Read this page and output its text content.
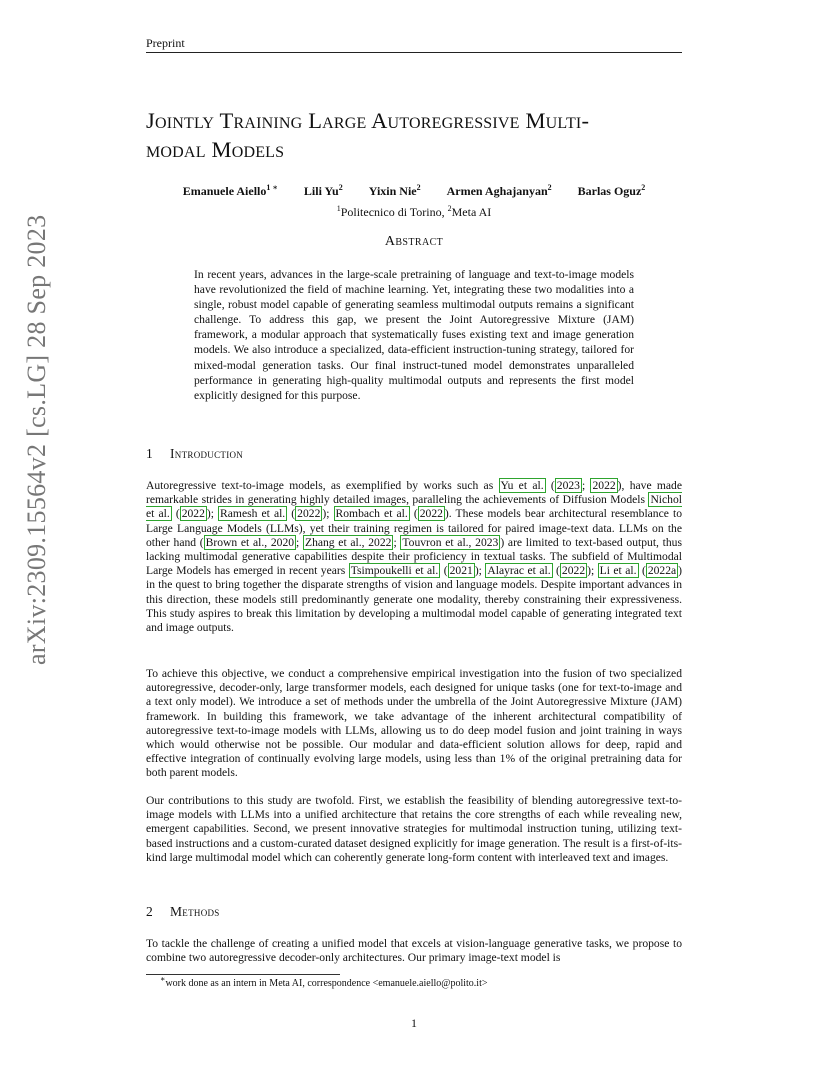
Preprint
arXiv:2309.15564v2 [cs.LG] 28 Sep 2023
Jointly Training Large Autoregressive Multi-
modal Models
Emanuele Aiello$^{1 ∗}$ Lili Yu$^2$ Yixin Nie$^2$ Armen Aghajanyan$^2$ Barlas Oguz$^2$
$^1$Politecnico di Torino, $^2$Meta AI
Abstract

In recent years, advances in the large-scale pretraining of language and text-to-image models have revolutionized the field of machine learning. Yet, integrating these two modalities into a single, robust model capable of generating seamless multimodal outputs remains a significant challenge. To address this gap, we present the Joint Autoregressive Mixture (JAM) framework, a modular approach that systematically fuses existing text and image generation models. We also introduce a specialized, data-efficient instruction-tuning strategy, tailored for mixed-modal generation tasks. Our final instruct-tuned model demonstrates unparalleled performance in generating high-quality multimodal outputs and represents the first model explicitly designed for this purpose.

1 Introduction

Autoregressive text-to-image models, as exemplified by works such as Yu et al. ( 2023 ; 2022 ), have made remarkable strides in generating highly detailed images, paralleling the achievements of Diffusion Models Nichol et al. ( 2022 ); Ramesh et al. ( 2022 ); Rombach et al. ( 2022 ). These models bear architectural resemblance to Large Language Models (LLMs), yet their training regimen is tailored for paired image-text data. LLMs on the other hand ( Brown et al., 2020 ; Zhang et al., 2022 ; Touvron et al., 2023 ) are limited to text-based output, thus lacking multimodal generative capabilities despite their proficiency in textual tasks. The subfield of Multimodal Large Models has emerged in recent years Tsimpoukelli et al. ( 2021 ); Alayrac et al. ( 2022 ); Li et al. ( 2022a ) in the quest to bring together the disparate strengths of vision and language models. Despite important advances in this direction, these models still predominantly generate one modality, thereby constraining their expressiveness. This study aspires to break this limitation by developing a multimodal model capable of generating integrated text and image outputs.

To achieve this objective, we conduct a comprehensive empirical investigation into the fusion of two specialized autoregressive, decoder-only, large transformer models, each designed for unique tasks (one for text-to-image and a text only model). We introduce a set of methods under the umbrella of the Joint Autoregressive Mixture (JAM) framework. In building this framework, we take advantage of the inherent architectural compatibility of autoregressive text-to-image models with LLMs, allowing us to do deep model fusion and joint training in ways which would otherwise not be possible. Our modular and data-efficient solution allows for deep, rapid and effective integration of continually evolving large models, using less than 1% of the original pretraining data for both parent models.

Our contributions to this study are twofold. First, we establish the feasibility of blending autoregressive text-to-image models with LLMs into a unified architecture that retains the core strengths of each while revealing new, emergent capabilities. Second, we present innovative strategies for multimodal instruction tuning, utilizing text-based instructions and a custom-curated dataset designed explicitly for image generation. The result is a first-of-its-kind large multimodal model which can coherently generate long-form content with interleaved text and images.

2 Methods

To tackle the challenge of creating a unified model that excels at vision-language generative tasks, we propose to combine two autoregressive decoder-only architectures. Our primary image-text model is

∗work done as an intern in Meta AI, correspondence <emanuele.aiello@polito.it>
1
